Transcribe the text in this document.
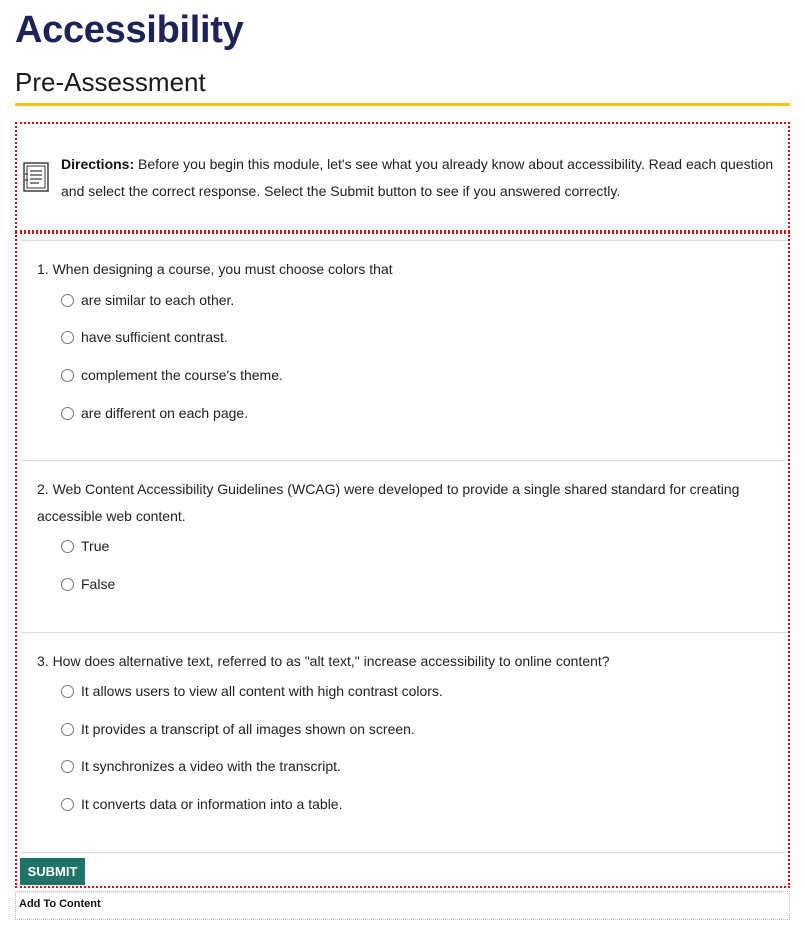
Accessibility
Pre-Assessment
Directions: Before you begin this module, let's see what you already know about accessibility. Read each question and select the correct response. Select the Submit button to see if you answered correctly.
1. When designing a course, you must choose colors that
are similar to each other.
have sufficient contrast.
complement the course's theme.
are different on each page.
2. Web Content Accessibility Guidelines (WCAG) were developed to provide a single shared standard for creating accessible web content.
True
False
3. How does alternative text, referred to as "alt text," increase accessibility to online content?
It allows users to view all content with high contrast colors.
It provides a transcript of all images shown on screen.
It synchronizes a video with the transcript.
It converts data or information into a table.
SUBMIT
Add To Content
